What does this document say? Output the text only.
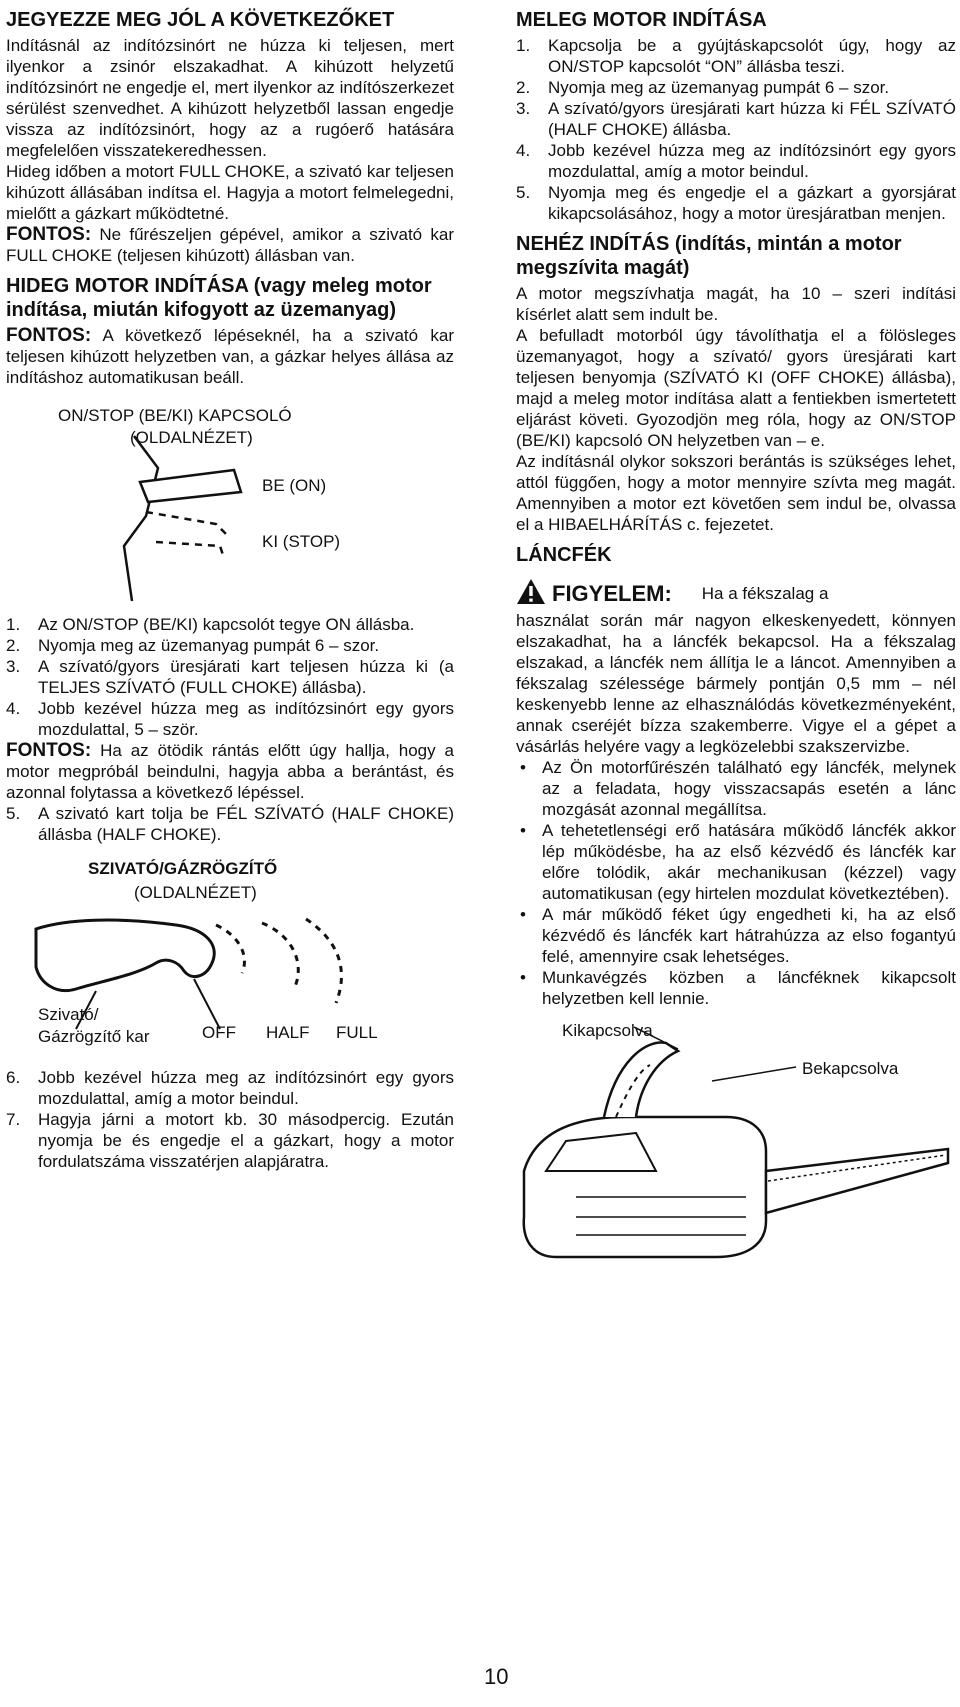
JEGYEZZE MEG JÓL A KÖVETKEZŐKET

Indításnál az indítózsinórt ne húzza ki teljesen, mert ilyenkor a zsinór elszakadhat. A kihúzott helyzetű indítózsinórt ne engedje el, mert ilyenkor az indítószerkezet sérülést szenvedhet. A kihúzott helyzetből lassan engedje vissza az indítózsinórt, hogy az a rugóerő hatására megfelelően visszatekeredhessen.

Hideg időben a motort FULL CHOKE, a szivató kar teljesen kihúzott állásában indítsa el. Hagyja a motort felmelegedni, mielőtt a gázkart működtetné.

FONTOS: Ne fűrészeljen gépével, amikor a szivató kar FULL CHOKE (teljesen kihúzott) állásban van.

HIDEG MOTOR INDÍTÁSA (vagy meleg motor indítása, miután kifogyott az üzemanyag)

FONTOS: A következő lépéseknél, ha a szivató kar teljesen kihúzott helyzetben van, a gázkar helyes állása az indításhoz automatikusan beáll.

ON/STOP (BE/KI) KAPCSOLÓ
(OLDALNÉZET)
BE (ON)
KI (STOP)
1.	Az ON/STOP (BE/KI) kapcsolót tegye ON állásba.
2.	Nyomja meg az üzemanyag pumpát 6 – szor.
3.	A szívató/gyors üresjárati kart teljesen húzza ki (a TELJES SZÍVATÓ (FULL CHOKE) állásba).
4.	Jobb kezével húzza meg as indítózsinórt egy gyors mozdulattal, 5 – ször.

FONTOS: Ha az ötödik rántás előtt úgy hallja, hogy a motor megpróbál beindulni, hagyja abba a berántást, és azonnal folytassa a következő lépéssel.

5.	A szivató kart tolja be FÉL SZÍVATÓ (HALF CHOKE) állásba (HALF CHOKE).
SZIVATÓ/GÁZRÖGZÍTŐ
(OLDALNÉZET)
Szivató/
Gázrögzítő kar	OFF HALF FULL
6.	Jobb kezével húzza meg az indítózsinórt egy gyors mozdulattal, amíg a motor beindul.
7.	Hagyja járni a motort kb. 30 másodpercig. Ezután nyomja be és engedje el a gázkart, hogy a motor fordulatszáma visszatérjen alapjáratra.
MELEG MOTOR INDÍTÁSA
1.	Kapcsolja be a gyújtáskapcsolót úgy, hogy az ON/STOP kapcsolót “ON” állásba teszi.
2.	Nyomja meg az üzemanyag pumpát 6 – szor.
3.	A szívató/gyors üresjárati kart húzza ki FÉL SZÍVATÓ (HALF CHOKE) állásba.
4.	Jobb kezével húzza meg az indítózsinórt egy gyors mozdulattal, amíg a motor beindul.
5.	Nyomja meg és engedje el a gázkart a gyorsjárat kikapcsolásához, hogy a motor üresjáratban menjen.
NEHÉZ INDÍTÁS (indítás, mintán a motor megszívita magát)

A motor megszívhatja magát, ha 10 – szeri indítási kísérlet alatt sem indult be.

A befulladt motorból úgy távolíthatja el a fölösleges üzemanyagot, hogy a szívató/ gyors üresjárati kart teljesen benyomja (SZÍVATÓ KI (OFF CHOKE) állásba), majd a meleg motor indítása alatt a fentiekben ismertetett eljárást követi. Gyozodjön meg róla, hogy az ON/STOP (BE/KI) kapcsoló ON helyzetben van – e.

Az indításnál olykor sokszori berántás is szükséges lehet, attól függően, hogy a motor mennyire szívta meg magát. Amennyiben a motor ezt követően sem indul be, olvassa el a HIBAELHÁRÍTÁS c. fejezetet.

LÁNCFÉK
FIGYELEM: Ha a fékszalag a

használat során már nagyon elkeskenyedett, könnyen elszakadhat, ha a láncfék bekapcsol. Ha a fékszalag elszakad, a láncfék nem állítja le a láncot. Amennyiben a fékszalag szélessége bármely pontján 0,5 mm – nél keskenyebb lenne az elhasználódás következményeként, annak cseréjét bízza szakemberre. Vigye el a gépet a vásárlás helyére vagy a legközelebbi szakszervizbe.

• Az Ön motorfűrészén található egy láncfék, melynek az a feladata, hogy visszacsapás esetén a lánc mozgását azonnal megállítsa.
• A tehetetlenségi erő hatására működő láncfék akkor lép működésbe, ha az első kézvédő és láncfék kar előre tolódik, akár mechanikusan (kézzel) vagy automatikusan (egy hirtelen mozdulat következtében).
• A már működő féket úgy engedheti ki, ha az első kézvédő és láncfék kart hátrahúzza az elso fogantyú felé, amennyire csak lehetséges.
• Munkavégzés közben a láncféknek kikapcsolt helyzetben kell lennie.
Kikapcsolva
Bekapcsolva
10
